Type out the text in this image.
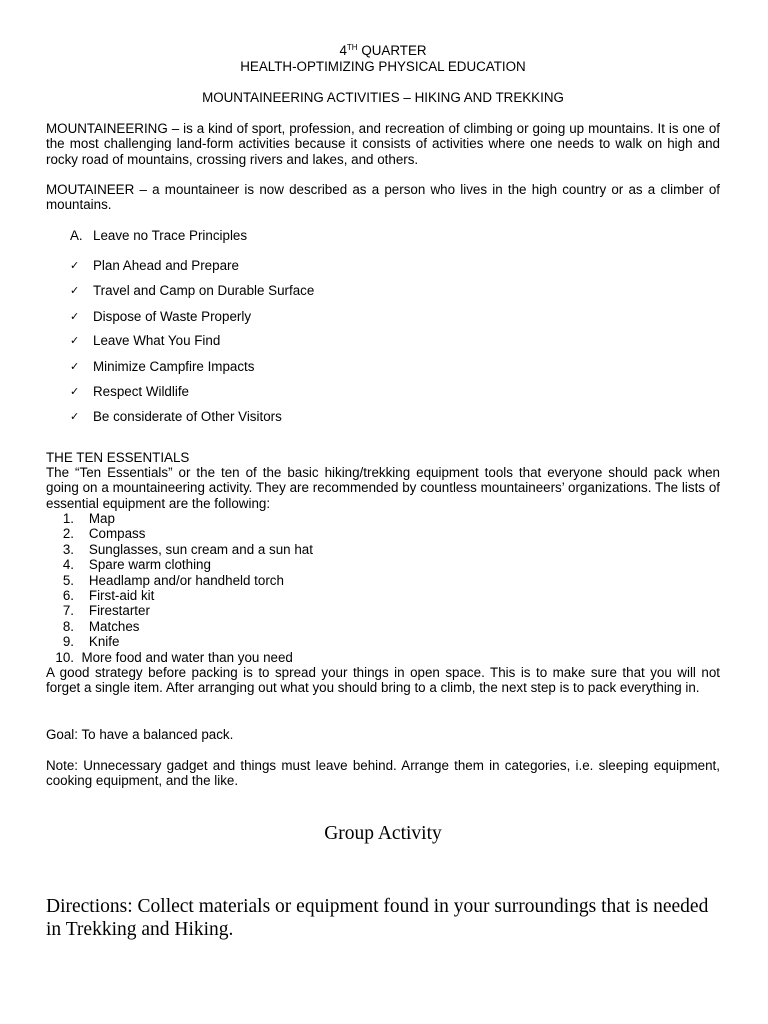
4TH QUARTER
HEALTH-OPTIMIZING PHYSICAL EDUCATION
MOUNTAINEERING ACTIVITIES – HIKING AND TREKKING
MOUNTAINEERING – is a kind of sport, profession, and recreation of climbing or going up mountains. It is one of the most challenging land-form activities because it consists of activities where one needs to walk on high and rocky road of mountains, crossing rivers and lakes, and others.
MOUTAINEER – a mountaineer is now described as a person who lives in the high country or as a climber of mountains.
A. Leave no Trace Principles
✓	Plan Ahead and Prepare
✓	Travel and Camp on Durable Surface
✓	Dispose of Waste Properly
✓	Leave What You Find
✓	Minimize Campfire Impacts
✓	Respect Wildlife
✓	Be considerate of Other Visitors
THE TEN ESSENTIALS
The “Ten Essentials” or the ten of the basic hiking/trekking equipment tools that everyone should pack when going on a mountaineering activity. They are recommended by countless mountaineers’ organizations. The lists of essential equipment are the following:
1.
Map
2.
Compass
3.
Sunglasses, sun cream and a sun hat
4.
Spare warm clothing
5.
Headlamp and/or handheld torch
6.
First-aid kit
7.
Firestarter
8.
Matches
9.
Knife
10.
More food and water than you need
A good strategy before packing is to spread your things in open space. This is to make sure that you will not forget a single item. After arranging out what you should bring to a climb, the next step is to pack everything in.
Goal: To have a balanced pack.
Note: Unnecessary gadget and things must leave behind. Arrange them in categories, i.e. sleeping equipment, cooking equipment, and the like.
Group Activity
Directions: Collect materials or equipment found in your surroundings that is needed in Trekking and Hiking.
